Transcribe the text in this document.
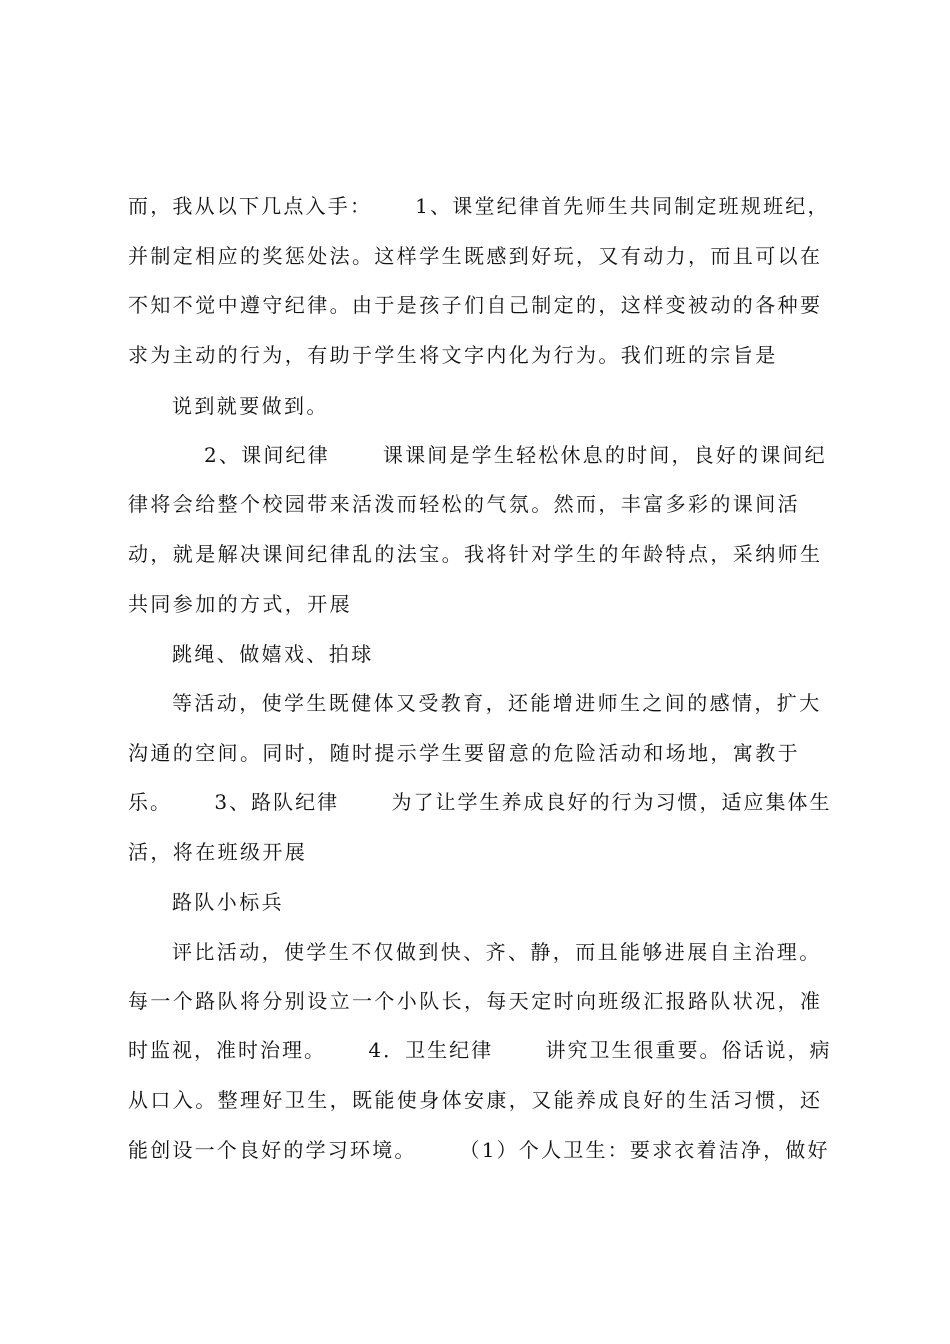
而，我从以下几点入手：　　 1、课堂纪律首先师生共同制定班规班纪，
并制定相应的奖惩处法。这样学生既感到好玩，又有动力，而且可以在
不知不觉中遵守纪律。由于是孩子们自己制定的，这样变被动的各种要
求为主动的行为，有助于学生将文字内化为行为。我们班的宗旨是
说到就要做到。
2、课间纪律　　 课课间是学生轻松休息的时间，良好的课间纪
律将会给整个校园带来活泼而轻松的气氛。然而，丰富多彩的课间活
动，就是解决课间纪律乱的法宝。我将针对学生的年龄特点，采纳师生
共同参加的方式，开展
跳绳、做嬉戏、拍球
等活动，使学生既健体又受教育，还能增进师生之间的感情，扩大
沟通的空间。同时，随时提示学生要留意的危险活动和场地，寓教于
乐。　　 3、路队纪律　　 为了让学生养成良好的行为习惯，适应集体生
活，将在班级开展
路队小标兵
评比活动，使学生不仅做到快、齐、静，而且能够进展自主治理。
每一个路队将分别设立一个小队长，每天定时向班级汇报路队状况，准
时监视，准时治理。　　 4．卫生纪律　　 讲究卫生很重要。俗话说，病
从口入。整理好卫生，既能使身体安康，又能养成良好的生活习惯，还
能创设一个良好的学习环境。　　 （1）个人卫生：要求衣着洁净，做好
